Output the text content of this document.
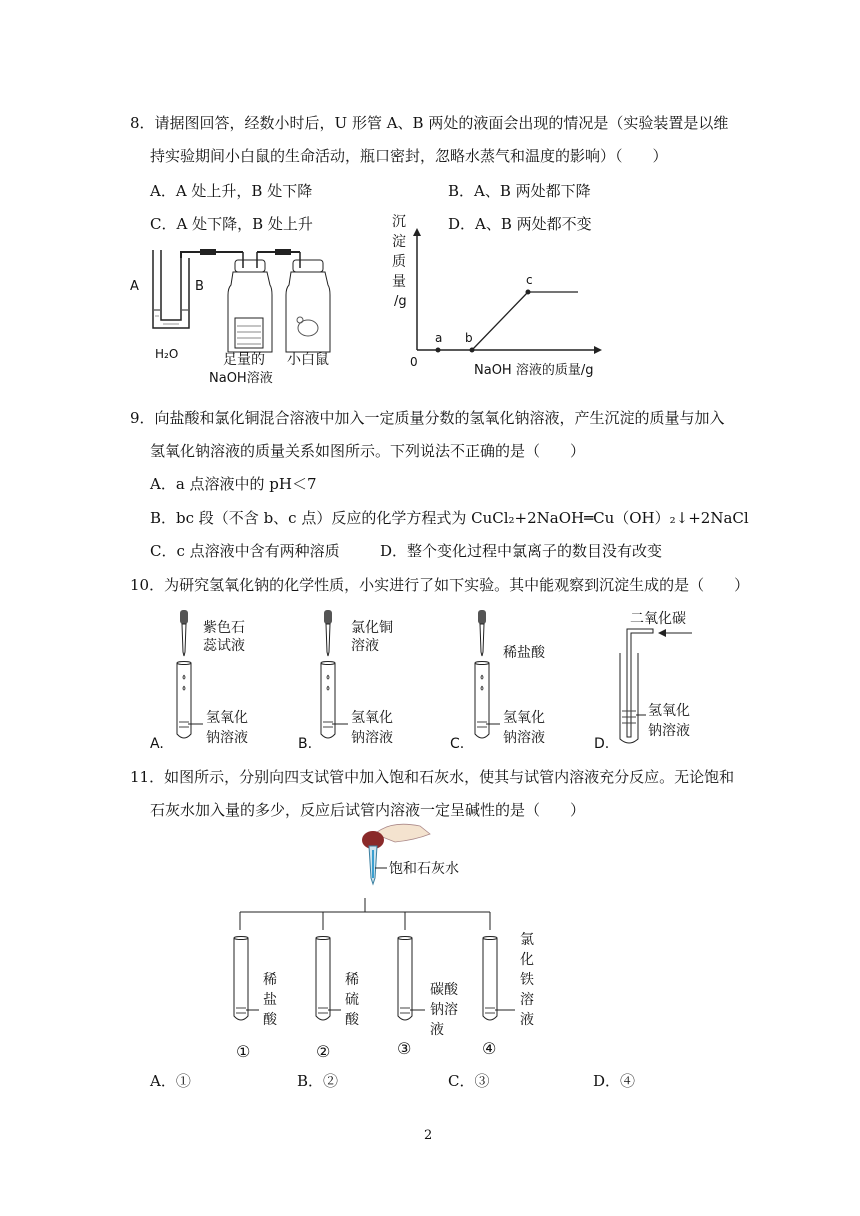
8．请据图回答，经数小时后，U 形管 A、B 两处的液面会出现的情况是（实验装置是以维
持实验期间小白鼠的生命活动，瓶口密封，忽略水蒸气和温度的影响）（　　）
A．A 处上升，B 处下降	B．A、B 两处都下降
C．A 处下降，B 处上升	D．A、B 两处都不变
A	B
H₂O	足量的
NaOH溶液
小白鼠
沉
淀
质
量
/g
0
a b
c
NaOH 溶液的质量/g
9．向盐酸和氯化铜混合溶液中加入一定质量分数的氢氧化钠溶液，产生沉淀的质量与加入
氢氧化钠溶液的质量关系如图所示。下列说法不正确的是（　　）
A．a 点溶液中的 pH＜7
B．bc 段（不含 b、c 点）反应的化学方程式为 CuCl₂+2NaOH═Cu（OH）₂↓+2NaCl
C．c 点溶液中含有两种溶质	D．整个变化过程中氯离子的数目没有改变
10．为研究氢氧化钠的化学性质，小实进行了如下实验。其中能观察到沉淀生成的是（　　）
紫色石
蕊试液
氢氧化
钠溶液
A.
氯化铜
溶液
氢氧化
钠溶液
B.
稀盐酸
氢氧化
钠溶液
C.
二氧化碳
氢氧化
钠溶液
D.
11．如图所示，分别向四支试管中加入饱和石灰水，使其与试管内溶液充分反应。无论饱和
石灰水加入量的多少，反应后试管内溶液一定呈碱性的是（　　）
饱和石灰水
稀
盐
酸
①
稀
硫
酸
②
碳酸
钠溶
液
③
氯
化
铁
溶
液
④
A．①	B．②	C．③	D．④
2
